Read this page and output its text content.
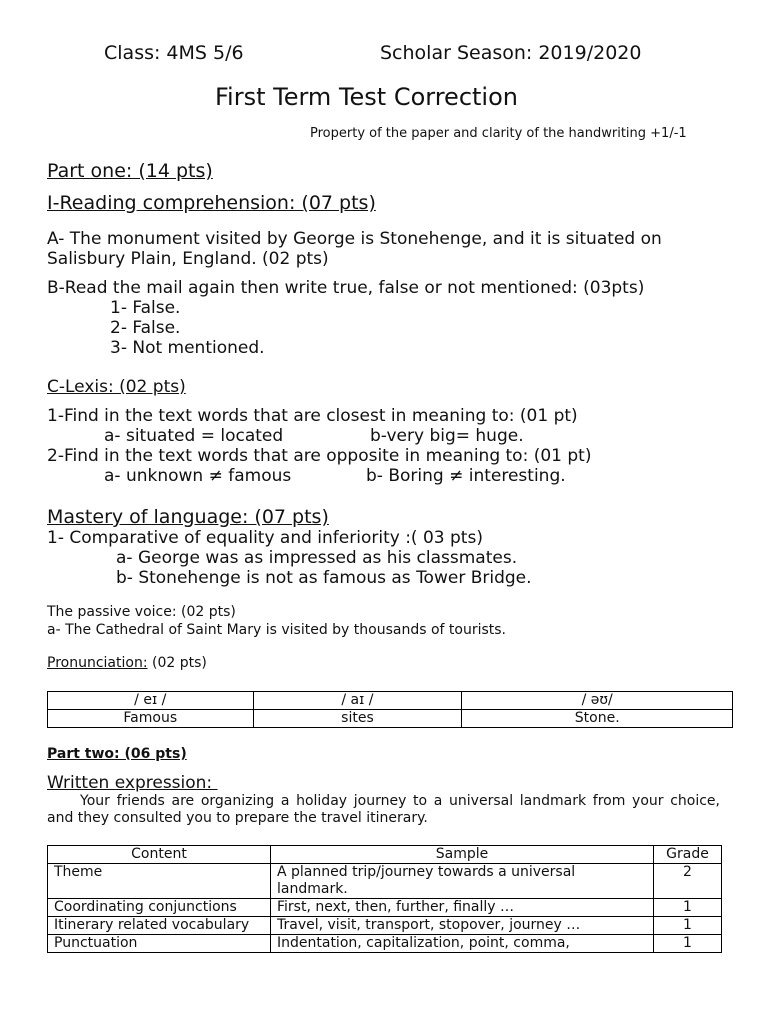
Class: 4MS 5/6	Scholar Season: 2019/2020
First Term Test Correction
Property of the paper and clarity of the handwriting +1/-1
Part one: (14 pts)
I-Reading comprehension: (07 pts)
A- The monument visited by George is Stonehenge, and it is situated on
Salisbury Plain, England. (02 pts)
B-Read the mail again then write true, false or not mentioned: (03pts)
1- False.
2- False.
3- Not mentioned.
C-Lexis: (02 pts)
1-Find in the text words that are closest in meaning to: (01 pt)
a- situated = located	b-very big= huge.
2-Find in the text words that are opposite in meaning to: (01 pt)
a- unknown ≠ famous	b- Boring ≠ interesting.
Mastery of language: (07 pts)
1- Comparative of equality and inferiority :( 03 pts)
a- George was as impressed as his classmates.
b- Stonehenge is not as famous as Tower Bridge.
The passive voice: (02 pts)
a- The Cathedral of Saint Mary is visited by thousands of tourists.
Pronunciation: (02 pts)
/ eɪ /	/ aɪ /	/ əʊ/
Famous	sites	Stone.
Part two: (06 pts)
Written expression:
Your friends are organizing a holiday journey to a universal landmark from your choice, and they consulted you to prepare the travel itinerary.
Content	Sample	Grade
Theme	A planned trip/journey towards a universal landmark.	2
Coordinating conjunctions	First, next, then, further, finally …	1
Itinerary related vocabulary	Travel, visit, transport, stopover, journey …	1
Punctuation	Indentation, capitalization, point, comma,	1
